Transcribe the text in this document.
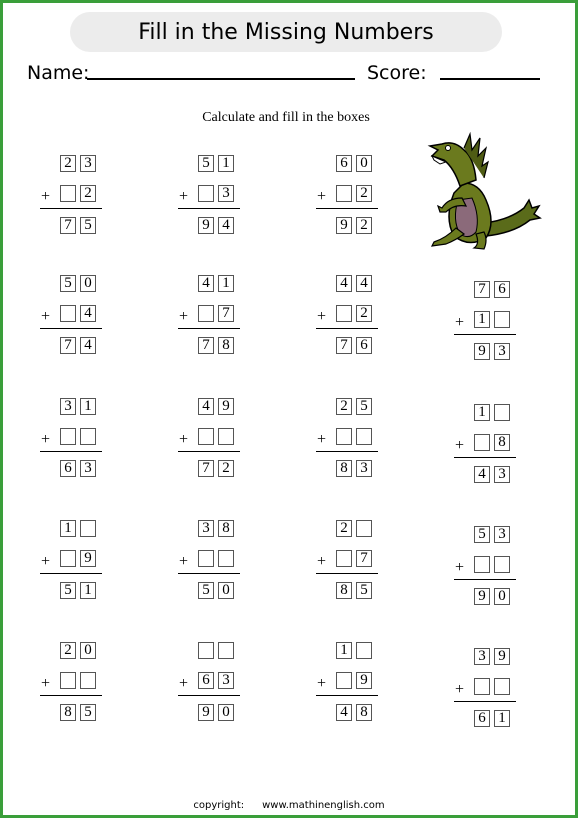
Fill in the Missing Numbers
Name:	Score:
Calculate and fill in the boxes
2 3
2
+
7 5
5 1
3
+
9 4
6 0
2
+
9 2
5 0
4
+
7 4
4 1
7
+
7 8
4 4
2
+
7 6
7 6
1
+
9 3
3 1
+
6 3
4 9
+
7 2
2 5
+
8 3
1
8
+
4 3
1
9
+
5 1
3 8
+
5 0
2
7
+
8 5
5 3
+
9 0
2 0
+
8 5
6 3
+
9 0
1
9
+
4 8
3 9
+
6 1
copyright: www.mathinenglish.com
